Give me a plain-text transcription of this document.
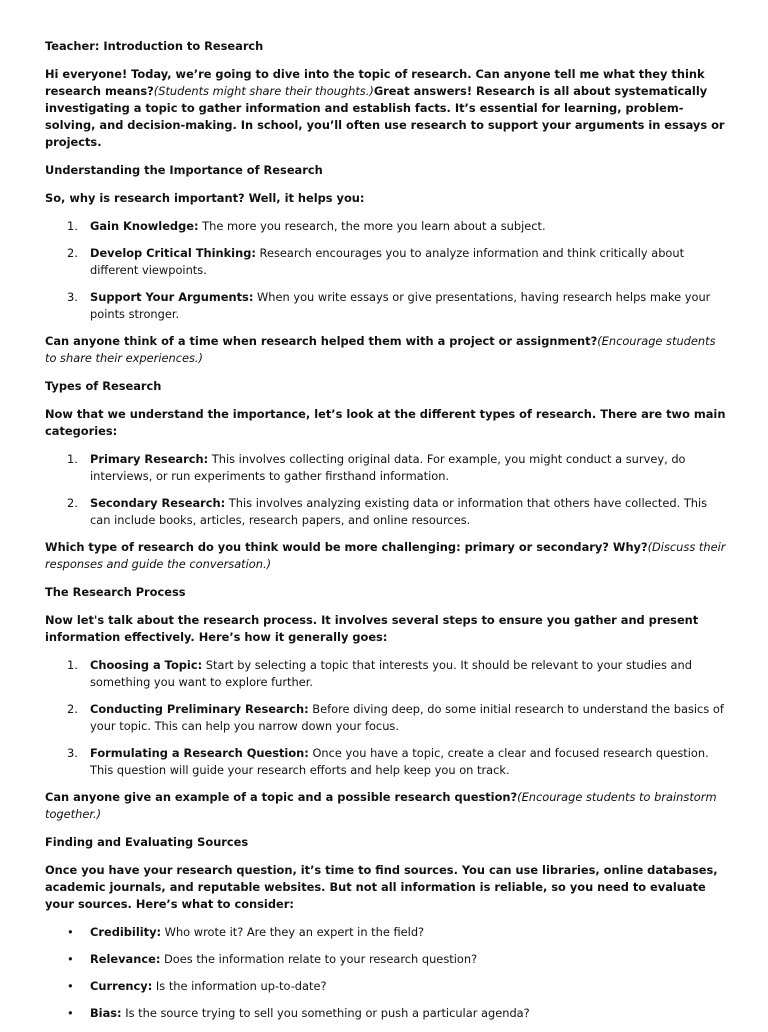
Teacher: Introduction to Research

Hi everyone! Today, we’re going to dive into the topic of research. Can anyone tell me what they think research means?(Students might share their thoughts.)Great answers! Research is all about systematically investigating a topic to gather information and establish facts. It’s essential for learning, problem-solving, and decision-making. In school, you’ll often use research to support your arguments in essays or projects.

Understanding the Importance of Research

So, why is research important? Well, it helps you:

1. Gain Knowledge: The more you research, the more you learn about a subject.
2. Develop Critical Thinking: Research encourages you to analyze information and think critically about different viewpoints.
3. Support Your Arguments: When you write essays or give presentations, having research helps make your points stronger.

Can anyone think of a time when research helped them with a project or assignment?(Encourage students to share their experiences.)

Types of Research

Now that we understand the importance, let’s look at the different types of research. There are two main categories:

1. Primary Research: This involves collecting original data. For example, you might conduct a survey, do interviews, or run experiments to gather firsthand information.
2. Secondary Research: This involves analyzing existing data or information that others have collected. This can include books, articles, research papers, and online resources.

Which type of research do you think would be more challenging: primary or secondary? Why?(Discuss their responses and guide the conversation.)

The Research Process

Now let's talk about the research process. It involves several steps to ensure you gather and present information effectively. Here’s how it generally goes:

1. Choosing a Topic: Start by selecting a topic that interests you. It should be relevant to your studies and something you want to explore further.
2. Conducting Preliminary Research: Before diving deep, do some initial research to understand the basics of your topic. This can help you narrow down your focus.
3. Formulating a Research Question: Once you have a topic, create a clear and focused research question. This question will guide your research efforts and help keep you on track.

Can anyone give an example of a topic and a possible research question?(Encourage students to brainstorm together.)

Finding and Evaluating Sources

Once you have your research question, it’s time to find sources. You can use libraries, online databases, academic journals, and reputable websites. But not all information is reliable, so you need to evaluate your sources. Here’s what to consider:

• Credibility: Who wrote it? Are they an expert in the field?
• Relevance: Does the information relate to your research question?
• Currency: Is the information up-to-date?
• Bias: Is the source trying to sell you something or push a particular agenda?
